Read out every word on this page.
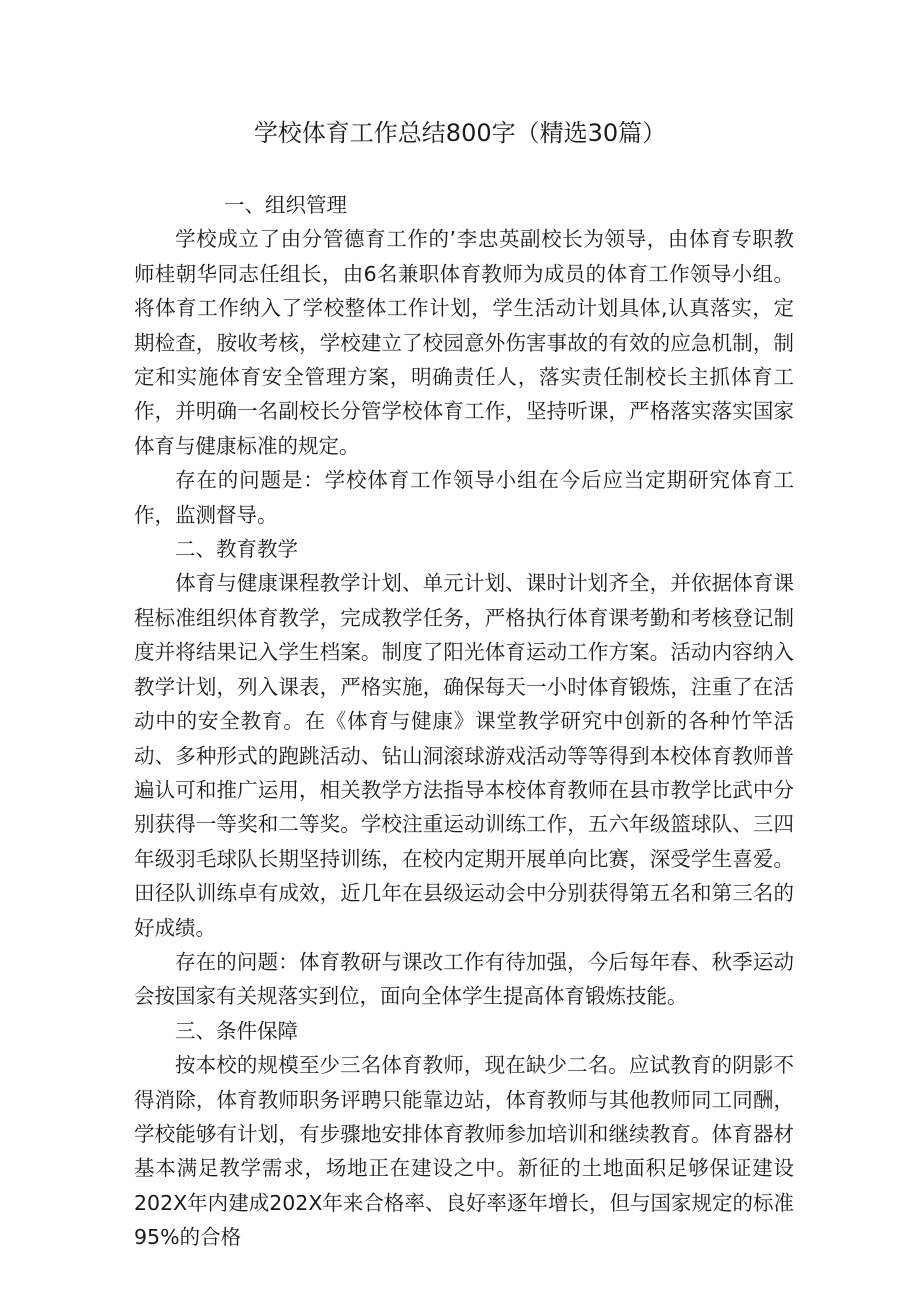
学校体育工作总结800字（精选30篇）
一、组织管理

学校成立了由分管德育工作的’李忠英副校长为领导，由体育专职教师桂朝华同志任组长，由6名兼职体育教师为成员的体育工作领导小组。将体育工作纳入了学校整体工作计划，学生活动计划具体,认真落实，定期检查，胺收考核，学校建立了校园意外伤害事故的有效的应急机制，制定和实施体育安全管理方案，明确责任人，落实责任制校长主抓体育工作，并明确一名副校长分管学校体育工作，坚持听课，严格落实落实国家体育与健康标准的规定。

存在的问题是：学校体育工作领导小组在今后应当定期研究体育工作，监测督导。

二、教育教学

体育与健康课程教学计划、单元计划、课时计划齐全，并依据体育课程标准组织体育教学，完成教学任务，严格执行体育课考勤和考核登记制度并将结果记入学生档案。制度了阳光体育运动工作方案。活动内容纳入教学计划，列入课表，严格实施，确保每天一小时体育锻炼，注重了在活动中的安全教育。在《体育与健康》课堂教学研究中创新的各种竹竿活动、多种形式的跑跳活动、钻山洞滚球游戏活动等等得到本校体育教师普遍认可和推广运用，相关教学方法指导本校体育教师在县市教学比武中分别获得一等奖和二等奖。学校注重运动训练工作，五六年级篮球队、三四年级羽毛球队长期坚持训练，在校内定期开展单向比赛，深受学生喜爱。田径队训练卓有成效，近几年在县级运动会中分别获得第五名和第三名的好成绩。

存在的问题：体育教研与课改工作有待加强，今后每年春、秋季运动会按国家有关规落实到位，面向全体学生提高体育锻炼技能。

三、条件保障

按本校的规模至少三名体育教师，现在缺少二名。应试教育的阴影不得消除，体育教师职务评聘只能靠边站，体育教师与其他教师同工同酬，学校能够有计划，有步骤地安排体育教师参加培训和继续教育。体育器材基本满足教学需求，场地正在建设之中。新征的土地面积足够保证建设202X年内建成202X年来合格率、良好率逐年增长，但与国家规定的标准95%的合格
